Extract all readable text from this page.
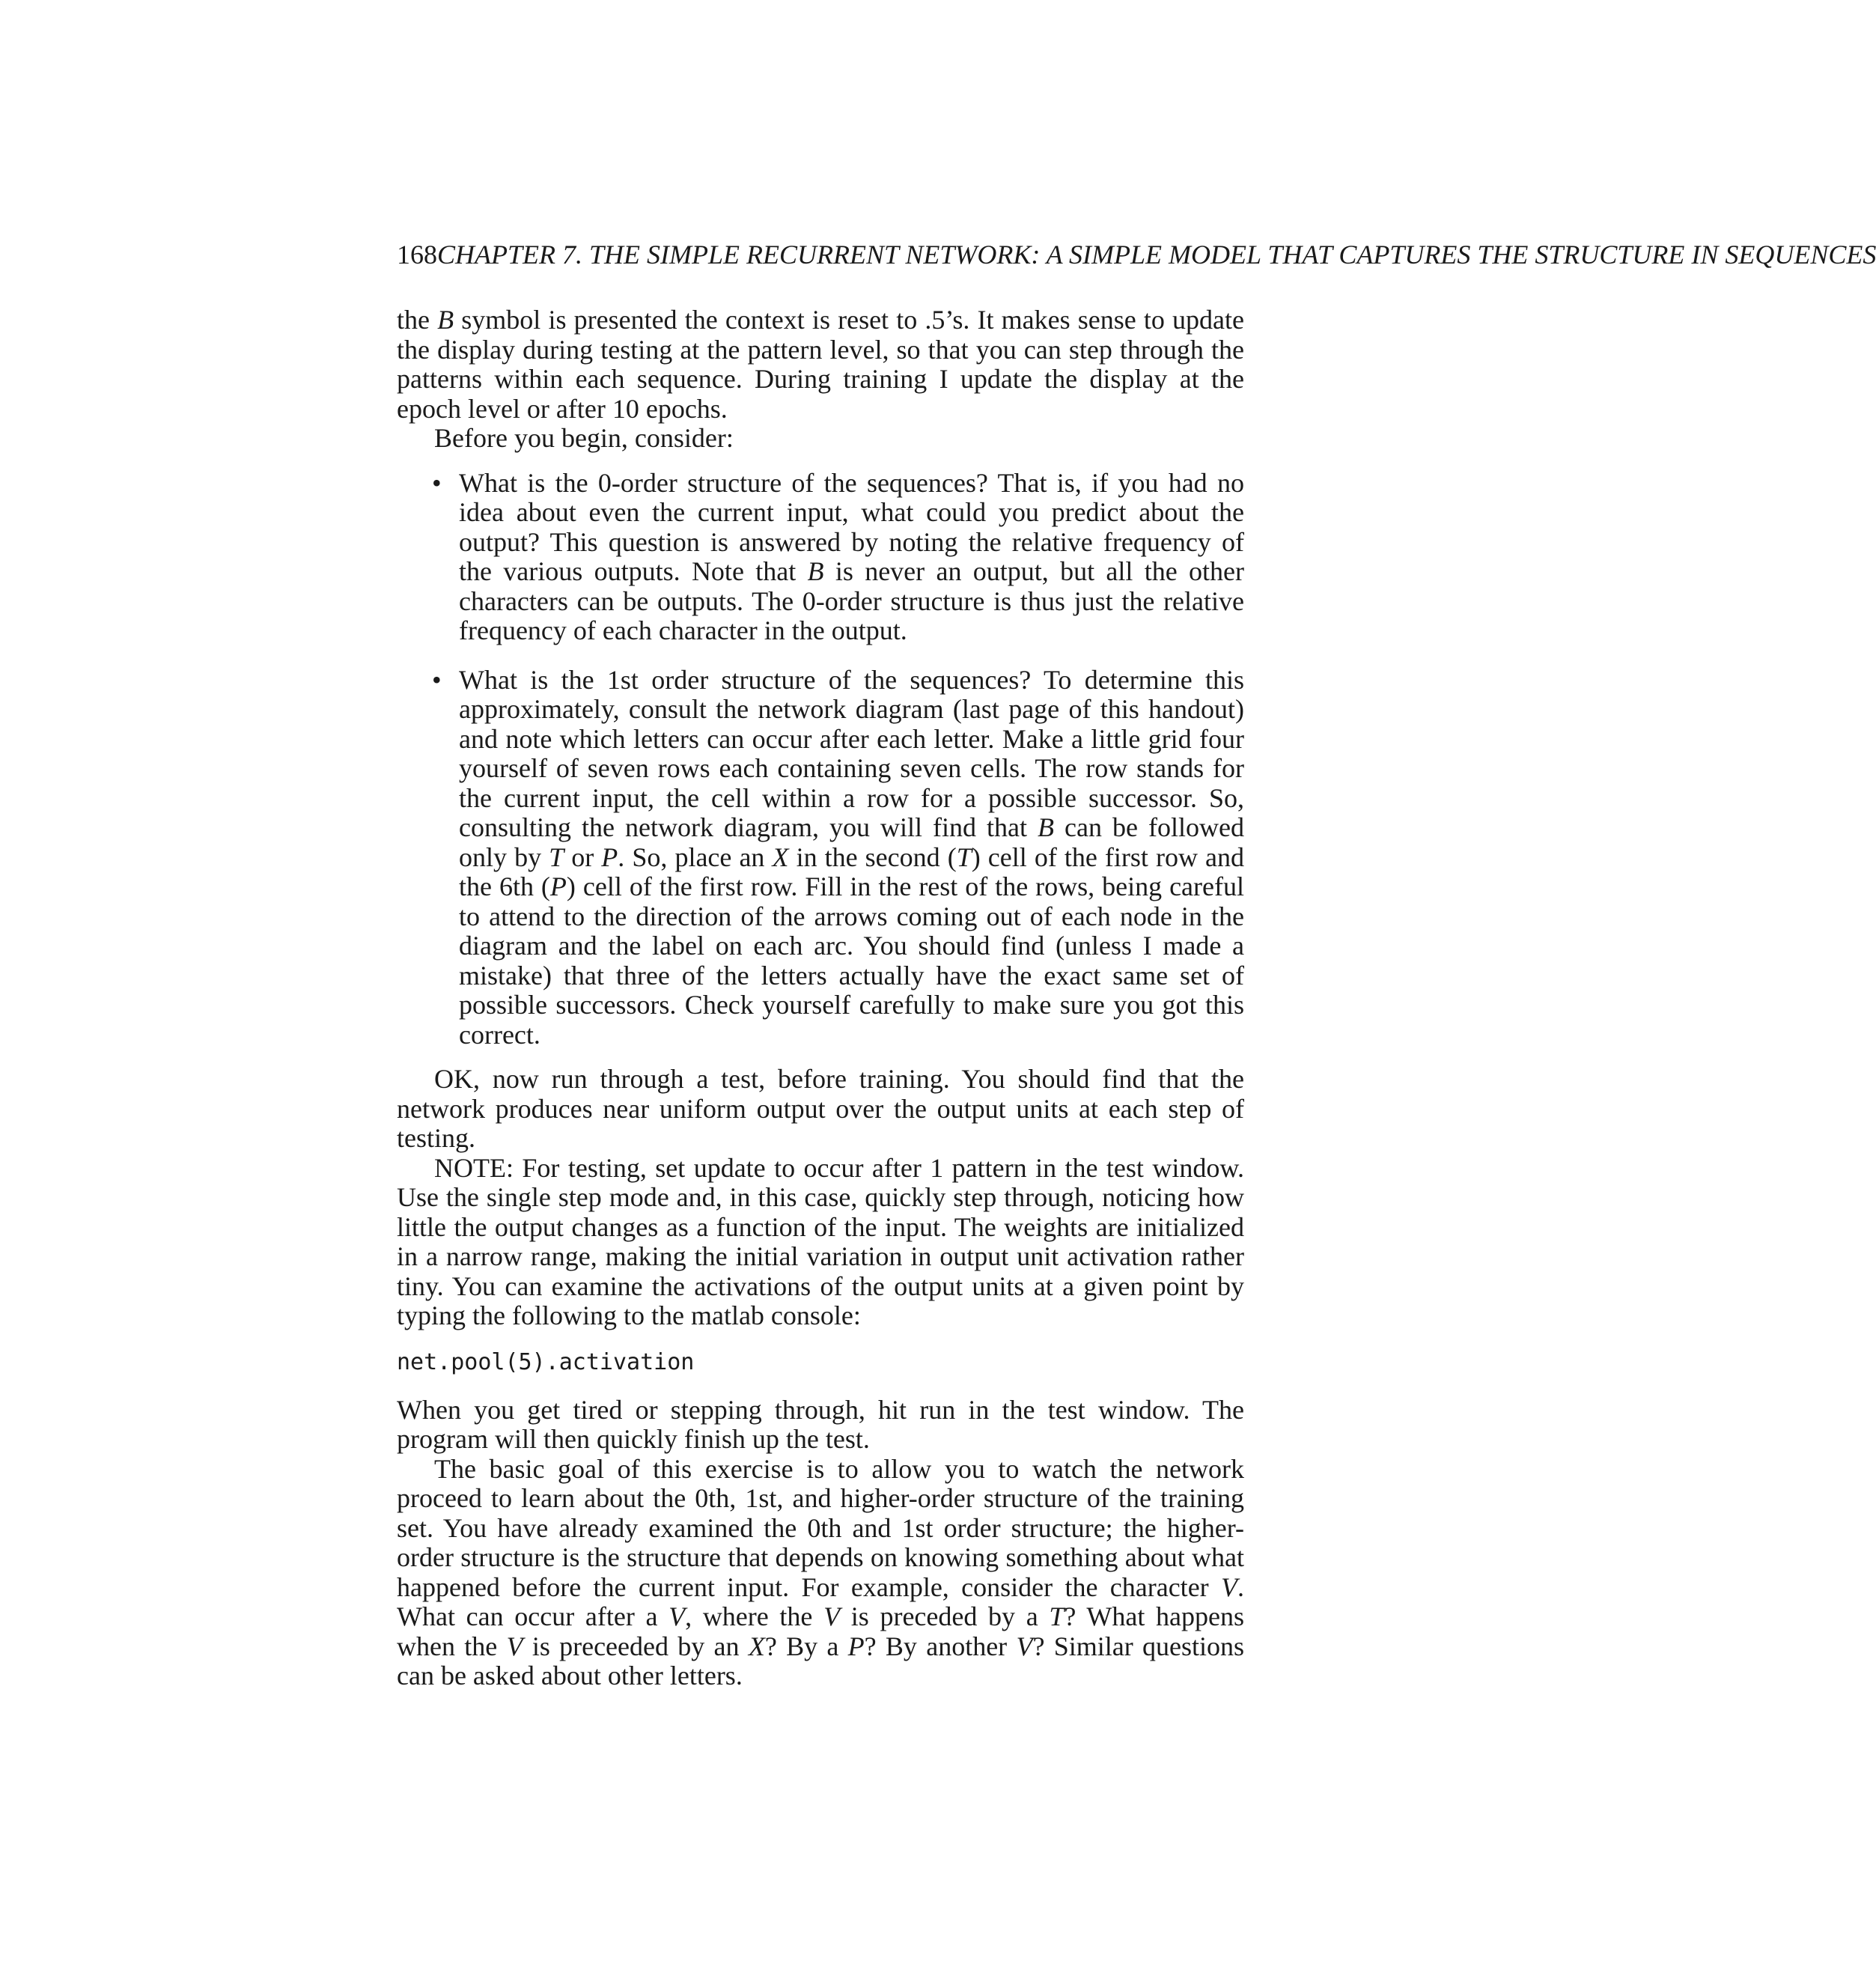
168CHAPTER 7. THE SIMPLE RECURRENT NETWORK: A SIMPLE MODEL THAT CAPTURES THE STRUCTURE IN SEQUENCES

the B symbol is presented the context is reset to .5’s. It makes sense to update the display during testing at the pattern level, so that you can step through the patterns within each sequence. During training I update the display at the epoch level or after 10 epochs.

Before you begin, consider:

• What is the 0-order structure of the sequences? That is, if you had no idea about even the current input, what could you predict about the output? This question is answered by noting the relative frequency of the various outputs. Note that B is never an output, but all the other characters can be outputs. The 0-order structure is thus just the relative frequency of each character in the output.
• What is the 1st order structure of the sequences? To determine this approximately, consult the network diagram (last page of this handout) and note which letters can occur after each letter. Make a little grid four yourself of seven rows each containing seven cells. The row stands for the current input, the cell within a row for a possible successor. So, consulting the network diagram, you will find that B can be followed only by T or P. So, place an X in the second (T) cell of the first row and the 6th (P) cell of the first row. Fill in the rest of the rows, being careful to attend to the direction of the arrows coming out of each node in the diagram and the label on each arc. You should find (unless I made a mistake) that three of the letters actually have the exact same set of possible successors. Check yourself carefully to make sure you got this correct.

OK, now run through a test, before training. You should find that the network produces near uniform output over the output units at each step of testing.

NOTE: For testing, set update to occur after 1 pattern in the test window. Use the single step mode and, in this case, quickly step through, noticing how little the output changes as a function of the input. The weights are initialized in a narrow range, making the initial variation in output unit activation rather tiny. You can examine the activations of the output units at a given point by typing the following to the matlab console:

net.pool(5).activation

When you get tired or stepping through, hit run in the test window. The program will then quickly finish up the test.

The basic goal of this exercise is to allow you to watch the network proceed to learn about the 0th, 1st, and higher-order structure of the training set. You have already examined the 0th and 1st order structure; the higher-order structure is the structure that depends on knowing something about what happened before the current input. For example, consider the character V. What can occur after a V, where the V is preceded by a T? What happens when the V is preceeded by an X? By a P? By another V? Similar questions can be asked about other letters.
